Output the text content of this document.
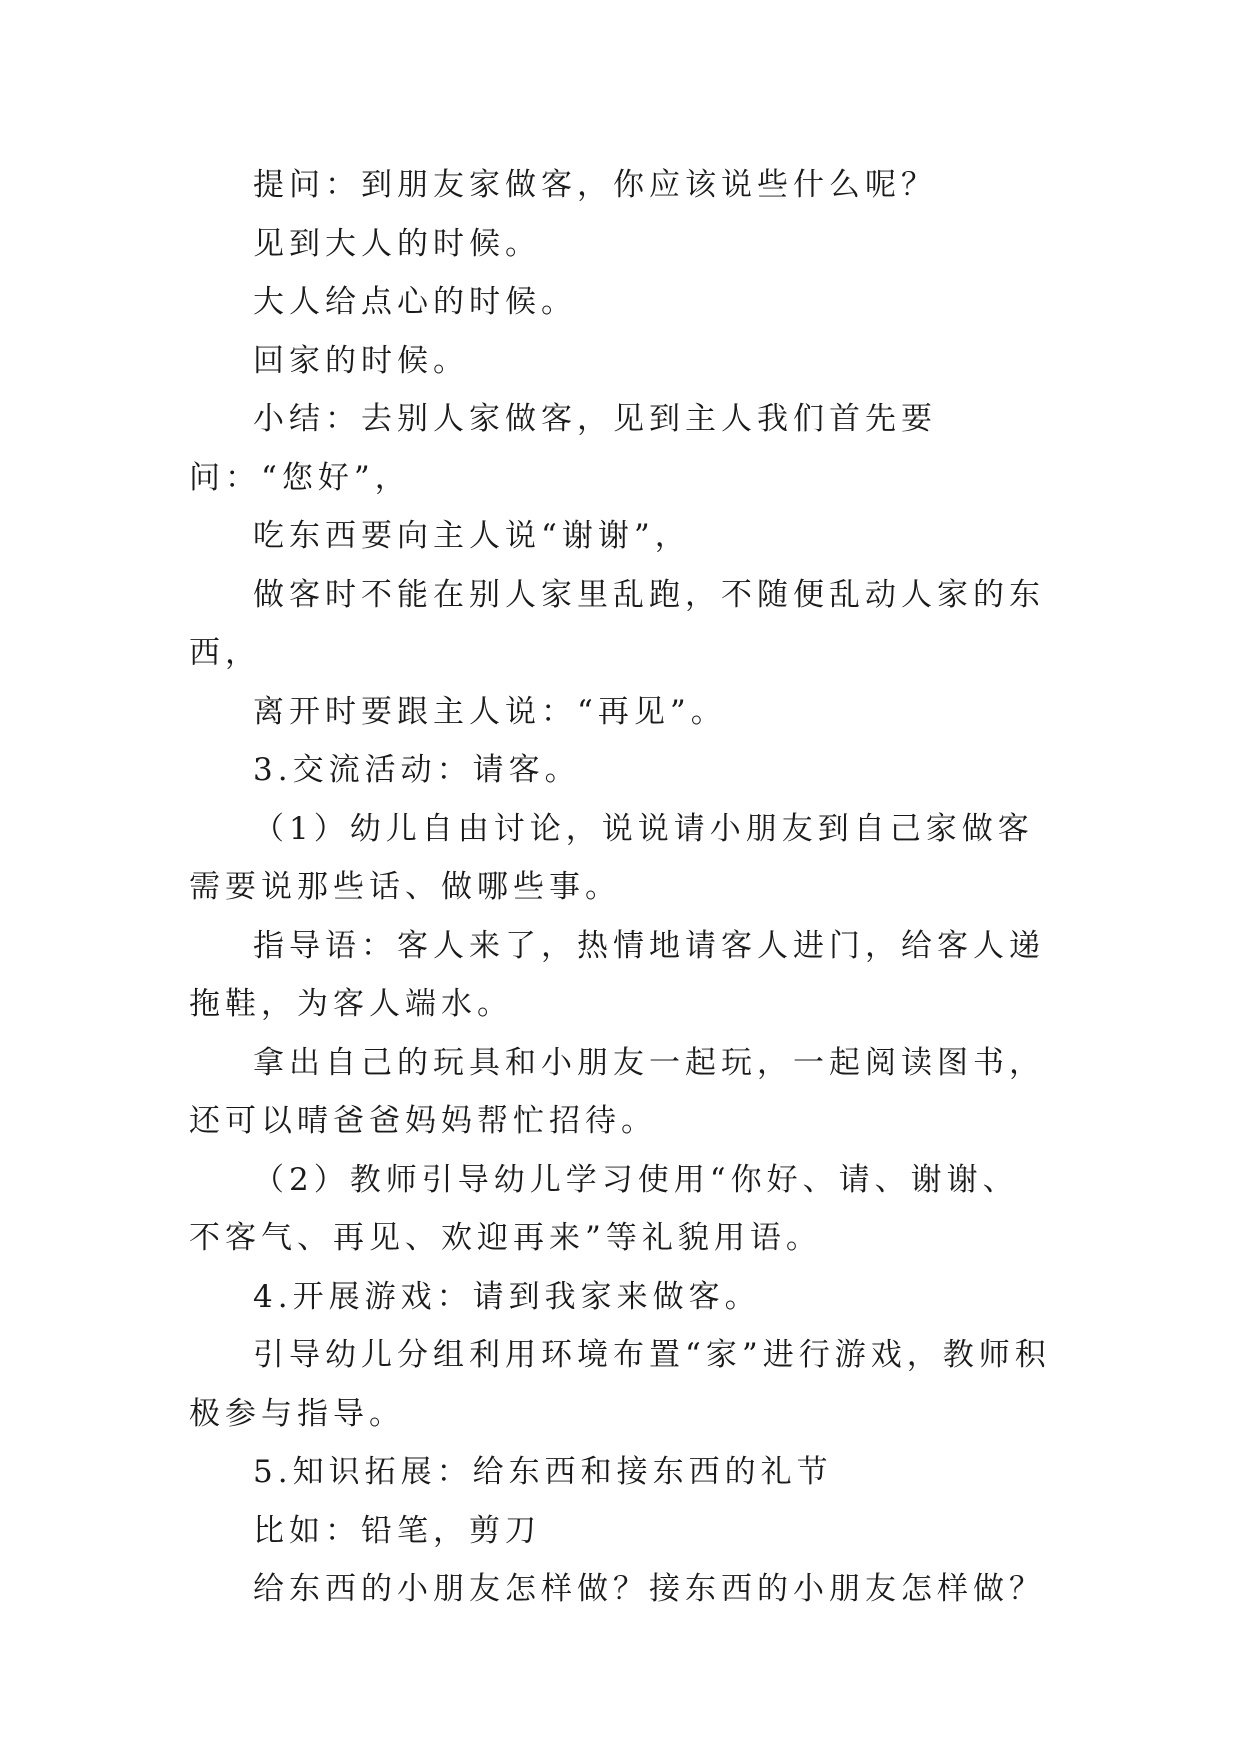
提问：到朋友家做客，你应该说些什么呢？

见到大人的时候。

大人给点心的时候。

回家的时候。

小结：去别人家做客，见到主人我们首先要问：“您好”，

吃东西要向主人说“谢谢”，

做客时不能在别人家里乱跑，不随便乱动人家的东西，

离开时要跟主人说：“再见”。

3.交流活动：请客。

（1）幼儿自由讨论，说说请小朋友到自己家做客需要说那些话、做哪些事。

指导语：客人来了，热情地请客人进门，给客人递拖鞋，为客人端水。

拿出自己的玩具和小朋友一起玩，一起阅读图书，还可以晴爸爸妈妈帮忙招待。

（2）教师引导幼儿学习使用“你好、请、谢谢、不客气、再见、欢迎再来”等礼貌用语。

4.开展游戏：请到我家来做客。

引导幼儿分组利用环境布置“家”进行游戏，教师积极参与指导。

5.知识拓展：给东西和接东西的礼节

比如：铅笔，剪刀

给东西的小朋友怎样做？接东西的小朋友怎样做？
